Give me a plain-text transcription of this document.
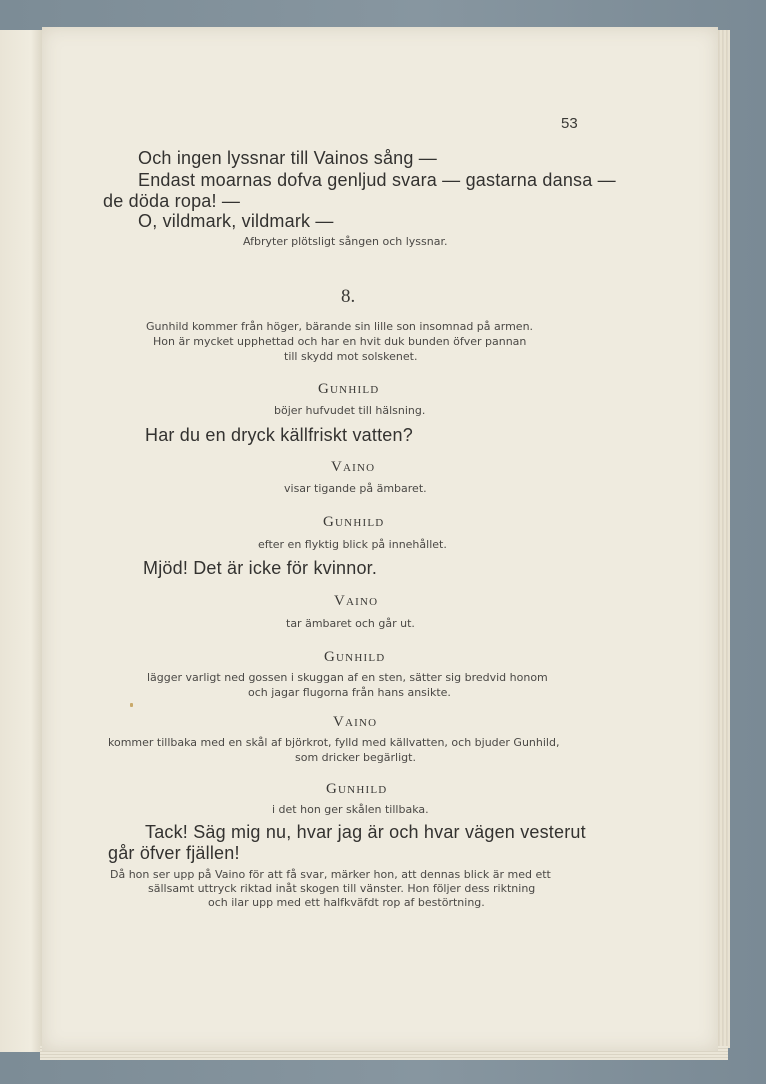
53
Och ingen lyssnar till Vainos sång —
Endast moarnas dofva genljud svara — gastarna dansa —
de döda ropa! —
O, vildmark, vildmark —
Afbryter plötsligt sången och lyssnar.
8.
Gunhild kommer från höger, bärande sin lille son insomnad på armen.
Hon är mycket upphettad och har en hvit duk bunden öfver pannan
till skydd mot solskenet.
Gunhild
böjer hufvudet till hälsning.
Har du en dryck källfriskt vatten?
Vaino
visar tigande på ämbaret.
Gunhild
efter en flyktig blick på innehållet.
Mjöd! Det är icke för kvinnor.
Vaino
tar ämbaret och går ut.
Gunhild
lägger varligt ned gossen i skuggan af en sten, sätter sig bredvid honom
och jagar flugorna från hans ansikte.
Vaino
kommer tillbaka med en skål af björkrot, fylld med källvatten, och bjuder Gunhild,
som dricker begärligt.
Gunhild
i det hon ger skålen tillbaka.
Tack! Säg mig nu, hvar jag är och hvar vägen vesterut
går öfver fjällen!
Då hon ser upp på Vaino för att få svar, märker hon, att dennas blick är med ett
sällsamt uttryck riktad inåt skogen till vänster. Hon följer dess riktning
och ilar upp med ett halfkväfdt rop af bestörtning.
